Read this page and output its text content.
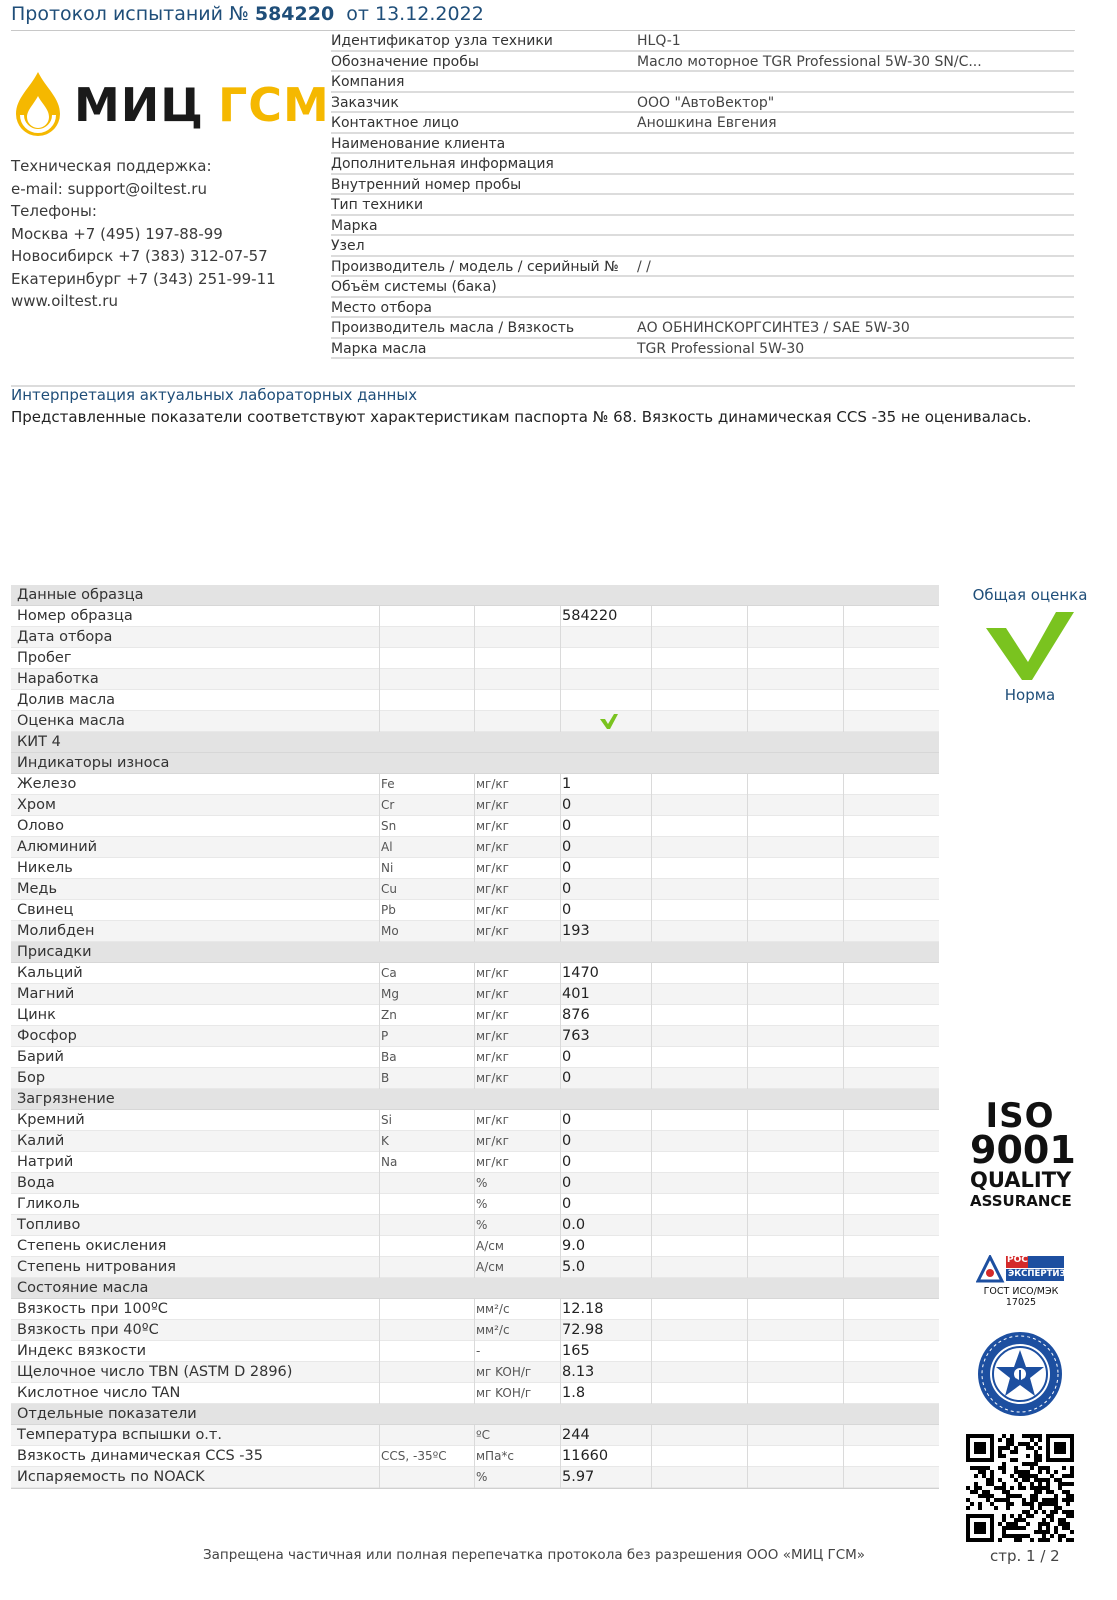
Протокол испытаний № 584220 от 13.12.2022
МИЦ ГСМ
Техническая поддержка:
e-mail: support@oiltest.ru
Телефоны:
Москва +7 (495) 197-88-99
Новосибирск +7 (383) 312-07-57
Екатеринбург +7 (343) 251-99-11
www.oiltest.ru
Идентификатор узла техники	HLQ-1
Обозначение пробы	Масло моторное TGR Professional 5W-30 SN/C...
Компания
Заказчик	ООО "АвтоВектор"
Контактное лицо	Аношкина Евгения
Наименование клиента
Дополнительная информация
Внутренний номер пробы
Тип техники
Марка
Узел
Производитель / модель / серийный № / /
Объём системы (бака)
Место отбора
Производитель масла / Вязкость	АО ОБНИНСКОРГСИНТЕЗ / SAE 5W-30
Марка масла	TGR Professional 5W-30
Интерпретация актуальных лабораторных данных
Представленные показатели соответствуют характеристикам паспорта № 68. Вязкость динамическая CCS -35 не оценивалась.
Данные образца
Номер образца	584220
Дата отбора
Пробег
Наработка
Долив масла
Оценка масла
КИТ 4
Индикаторы износа
Железо	Fe	мг/кг	1
Хром	Cr	мг/кг	0
Олово	Sn	мг/кг	0
Алюминий	Al	мг/кг	0
Никель	Ni	мг/кг	0
Медь	Cu	мг/кг	0
Свинец	Pb	мг/кг	0
Молибден	Mo	мг/кг	193
Присадки
Кальций	Ca	мг/кг	1470
Магний	Mg	мг/кг	401
Цинк	Zn	мг/кг	876
Фосфор	P	мг/кг	763
Барий	Ba	мг/кг	0
Бор	B	мг/кг	0
Загрязнение
Кремний	Si	мг/кг	0
Калий	K	мг/кг	0
Натрий	Na	мг/кг	0
Вода	%	0
Гликоль	%	0
Топливо	%	0.0
Степень окисления	А/см	9.0
Степень нитрования	А/см	5.0
Состояние масла
Вязкость при 100ºC	мм²/с	12.18
Вязкость при 40ºC	мм²/с	72.98
Индекс вязкости	-	165
Щелочное число TBN (ASTM D 2896)	мг KOH/г 8.13
Кислотное число TAN	мг KOH/г 1.8
Отдельные показатели
Температура вспышки о.т.	ºC	244
Вязкость динамическая CCS -35	CCS, -35ºC мПа*с	11660
Испаряемость по NOACK	%	5.97
Общая оценка
Норма
ISO
9001
QUALITY
ASSURANCE
РОС
ЭКСПЕРТИЗА
ГОСТ ИСО/МЭК
17025
Запрещена частичная или полная перепечатка протокола без разрешения ООО «МИЦ ГСМ»	стр. 1 / 2
